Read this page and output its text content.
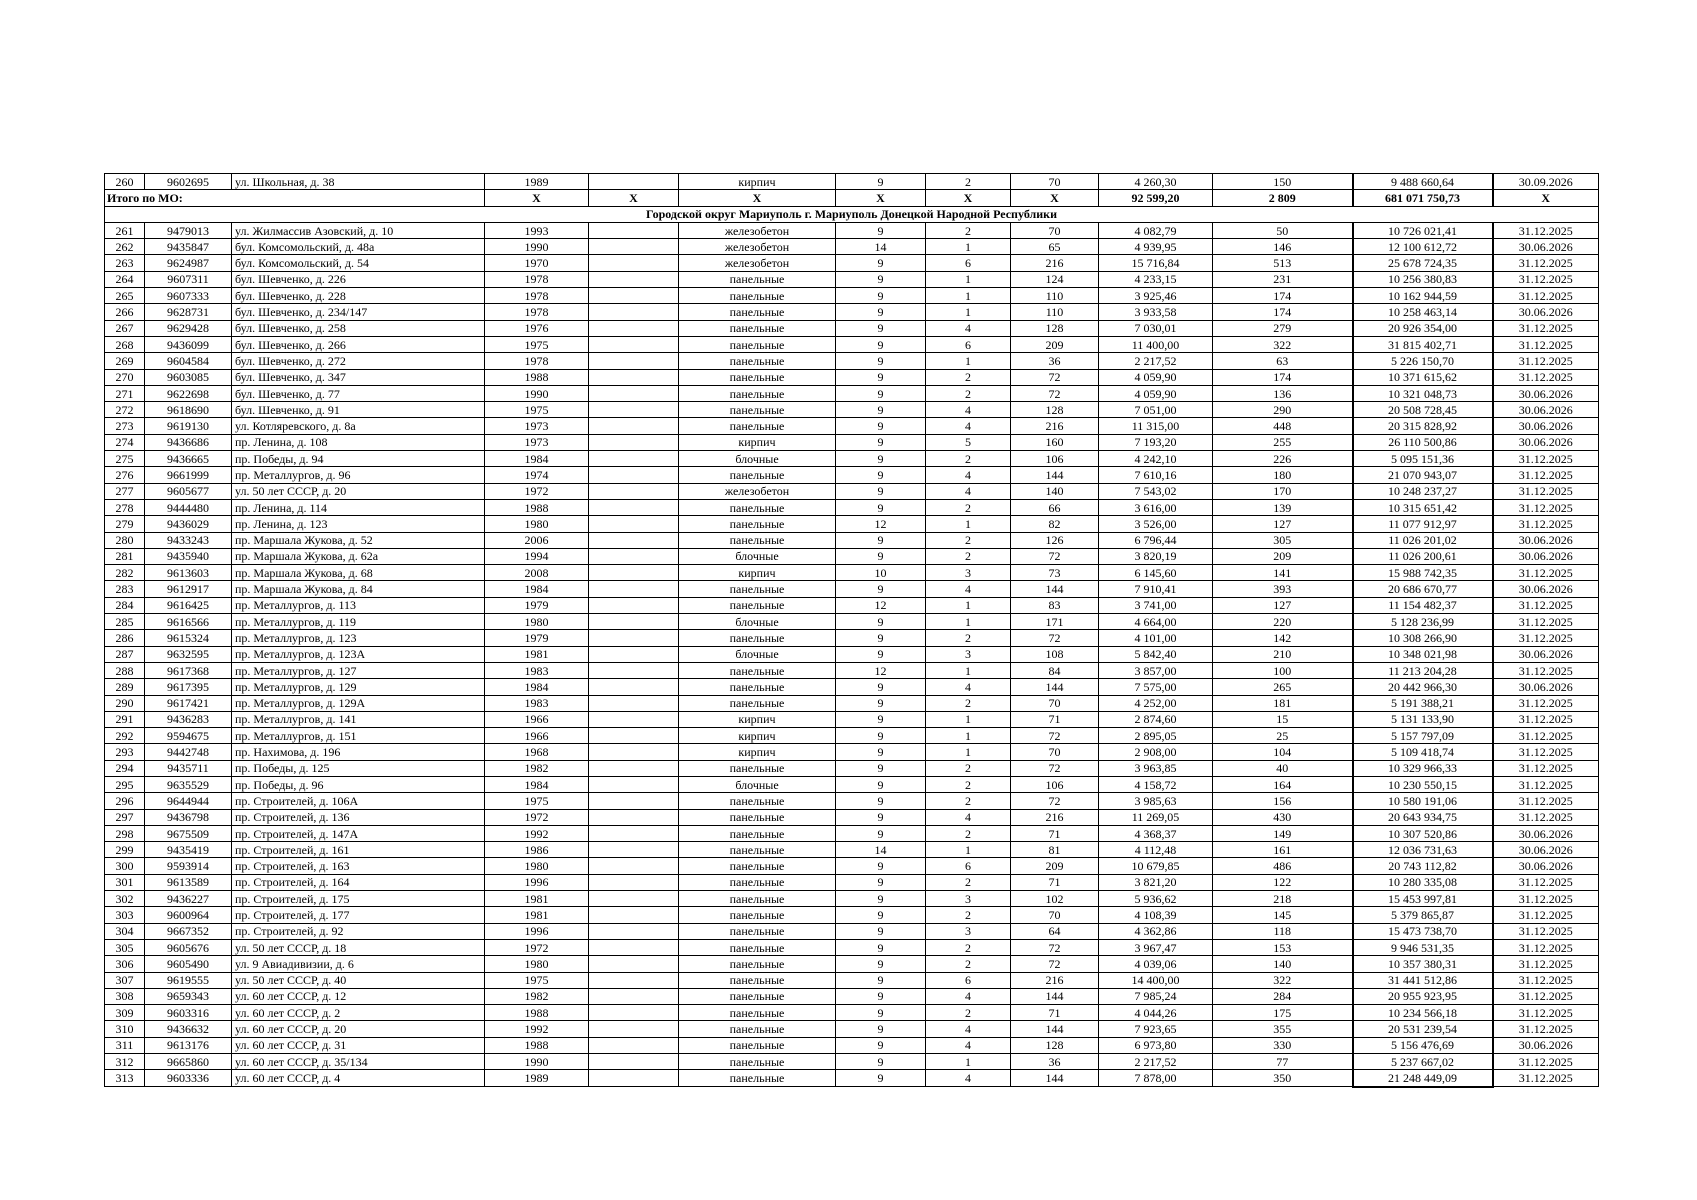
260	9602695	ул. Школьная, д. 38	1989		кирпич	9	2	70	4 260,30	150	9 488 660,64	30.09.2026
Итого по МО:			X	X	X	X	X	X	92 599,20	2 809	681 071 750,73	X
Городской округ Мариуполь г. Мариуполь Донецкой Народной Республики												
261	9479013	ул. Жилмассив Азовский, д. 10	1993		железобетон	9	2	70	4 082,79	50	10 726 021,41	31.12.2025
262	9435847	бул. Комсомольский, д. 48а	1990		железобетон	14	1	65	4 939,95	146	12 100 612,72	30.06.2026
263	9624987	бул. Комсомольский, д. 54	1970		железобетон	9	6	216	15 716,84	513	25 678 724,35	31.12.2025
264	9607311	бул. Шевченко, д. 226	1978		панельные	9	1	124	4 233,15	231	10 256 380,83	31.12.2025
265	9607333	бул. Шевченко, д. 228	1978		панельные	9	1	110	3 925,46	174	10 162 944,59	31.12.2025
266	9628731	бул. Шевченко, д. 234/147	1978		панельные	9	1	110	3 933,58	174	10 258 463,14	30.06.2026
267	9629428	бул. Шевченко, д. 258	1976		панельные	9	4	128	7 030,01	279	20 926 354,00	31.12.2025
268	9436099	бул. Шевченко, д. 266	1975		панельные	9	6	209	11 400,00	322	31 815 402,71	31.12.2025
269	9604584	бул. Шевченко, д. 272	1978		панельные	9	1	36	2 217,52	63	5 226 150,70	31.12.2025
270	9603085	бул. Шевченко, д. 347	1988		панельные	9	2	72	4 059,90	174	10 371 615,62	31.12.2025
271	9622698	бул. Шевченко, д. 77	1990		панельные	9	2	72	4 059,90	136	10 321 048,73	30.06.2026
272	9618690	бул. Шевченко, д. 91	1975		панельные	9	4	128	7 051,00	290	20 508 728,45	30.06.2026
273	9619130	ул. Котляревского, д. 8а	1973		панельные	9	4	216	11 315,00	448	20 315 828,92	30.06.2026
274	9436686	пр. Ленина, д. 108	1973		кирпич	9	5	160	7 193,20	255	26 110 500,86	30.06.2026
275	9436665	пр. Победы, д. 94	1984		блочные	9	2	106	4 242,10	226	5 095 151,36	31.12.2025
276	9661999	пр. Металлургов, д. 96	1974		панельные	9	4	144	7 610,16	180	21 070 943,07	31.12.2025
277	9605677	ул. 50 лет СССР, д. 20	1972		железобетон	9	4	140	7 543,02	170	10 248 237,27	31.12.2025
278	9444480	пр. Ленина, д. 114	1988		панельные	9	2	66	3 616,00	139	10 315 651,42	31.12.2025
279	9436029	пр. Ленина, д. 123	1980		панельные	12	1	82	3 526,00	127	11 077 912,97	31.12.2025
280	9433243	пр. Маршала Жукова, д. 52	2006		панельные	9	2	126	6 796,44	305	11 026 201,02	30.06.2026
281	9435940	пр. Маршала Жукова, д. 62а	1994		блочные	9	2	72	3 820,19	209	11 026 200,61	30.06.2026
282	9613603	пр. Маршала Жукова, д. 68	2008		кирпич	10	3	73	6 145,60	141	15 988 742,35	31.12.2025
283	9612917	пр. Маршала Жукова, д. 84	1984		панельные	9	4	144	7 910,41	393	20 686 670,77	30.06.2026
284	9616425	пр. Металлургов, д. 113	1979		панельные	12	1	83	3 741,00	127	11 154 482,37	31.12.2025
285	9616566	пр. Металлургов, д. 119	1980		блочные	9	1	171	4 664,00	220	5 128 236,99	31.12.2025
286	9615324	пр. Металлургов, д. 123	1979		панельные	9	2	72	4 101,00	142	10 308 266,90	31.12.2025
287	9632595	пр. Металлургов, д. 123А	1981		блочные	9	3	108	5 842,40	210	10 348 021,98	30.06.2026
288	9617368	пр. Металлургов, д. 127	1983		панельные	12	1	84	3 857,00	100	11 213 204,28	31.12.2025
289	9617395	пр. Металлургов, д. 129	1984		панельные	9	4	144	7 575,00	265	20 442 966,30	30.06.2026
290	9617421	пр. Металлургов, д. 129А	1983		панельные	9	2	70	4 252,00	181	5 191 388,21	31.12.2025
291	9436283	пр. Металлургов, д. 141	1966		кирпич	9	1	71	2 874,60	15	5 131 133,90	31.12.2025
292	9594675	пр. Металлургов, д. 151	1966		кирпич	9	1	72	2 895,05	25	5 157 797,09	31.12.2025
293	9442748	пр. Нахимова, д. 196	1968		кирпич	9	1	70	2 908,00	104	5 109 418,74	31.12.2025
294	9435711	пр. Победы, д. 125	1982		панельные	9	2	72	3 963,85	40	10 329 966,33	31.12.2025
295	9635529	пр. Победы, д. 96	1984		блочные	9	2	106	4 158,72	164	10 230 550,15	31.12.2025
296	9644944	пр. Строителей, д. 106А	1975		панельные	9	2	72	3 985,63	156	10 580 191,06	31.12.2025
297	9436798	пр. Строителей, д. 136	1972		панельные	9	4	216	11 269,05	430	20 643 934,75	31.12.2025
298	9675509	пр. Строителей, д. 147А	1992		панельные	9	2	71	4 368,37	149	10 307 520,86	30.06.2026
299	9435419	пр. Строителей, д. 161	1986		панельные	14	1	81	4 112,48	161	12 036 731,63	30.06.2026
300	9593914	пр. Строителей, д. 163	1980		панельные	9	6	209	10 679,85	486	20 743 112,82	30.06.2026
301	9613589	пр. Строителей, д. 164	1996		панельные	9	2	71	3 821,20	122	10 280 335,08	31.12.2025
302	9436227	пр. Строителей, д. 175	1981		панельные	9	3	102	5 936,62	218	15 453 997,81	31.12.2025
303	9600964	пр. Строителей, д. 177	1981		панельные	9	2	70	4 108,39	145	5 379 865,87	31.12.2025
304	9667352	пр. Строителей, д. 92	1996		панельные	9	3	64	4 362,86	118	15 473 738,70	31.12.2025
305	9605676	ул. 50 лет СССР, д. 18	1972		панельные	9	2	72	3 967,47	153	9 946 531,35	31.12.2025
306	9605490	ул. 9 Авиадивизии, д. 6	1980		панельные	9	2	72	4 039,06	140	10 357 380,31	31.12.2025
307	9619555	ул. 50 лет СССР, д. 40	1975		панельные	9	6	216	14 400,00	322	31 441 512,86	31.12.2025
308	9659343	ул. 60 лет СССР, д. 12	1982		панельные	9	4	144	7 985,24	284	20 955 923,95	31.12.2025
309	9603316	ул. 60 лет СССР, д. 2	1988		панельные	9	2	71	4 044,26	175	10 234 566,18	31.12.2025
310	9436632	ул. 60 лет СССР, д. 20	1992		панельные	9	4	144	7 923,65	355	20 531 239,54	31.12.2025
311	9613176	ул. 60 лет СССР, д. 31	1988		панельные	9	4	128	6 973,80	330	5 156 476,69	30.06.2026
312	9665860	ул. 60 лет СССР, д. 35/134	1990		панельные	9	1	36	2 217,52	77	5 237 667,02	31.12.2025
313	9603336	ул. 60 лет СССР, д. 4	1989		панельные	9	4	144	7 878,00	350	21 248 449,09	31.12.2025
